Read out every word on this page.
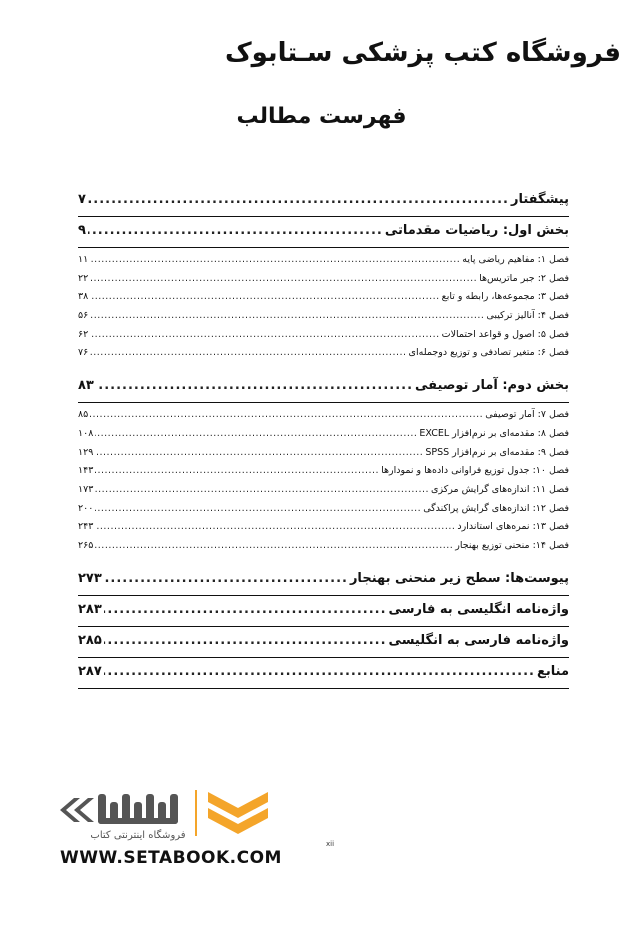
فروشگاه کتب پزشکی سـتابوک
فهرست مطالب
پیشگفتار
.....
۷
بخش اول: ریاضیات مقدماتی
.....
۹
فصل ۱: مفاهیم ریاضی پایه
.....
۱۱
فصل ۲: جبر ماتریس‌ها
.....
۲۲
فصل ۳: مجموعه‌ها، رابطه و تابع
.....
۳۸
فصل ۴: آنالیز ترکیبی
.....
۵۶
فصل ۵: اصول و قواعد احتمالات
.....
۶۲
فصل ۶: متغیر تصادفی و توزیع دوجمله‌ای
.....
۷۶
بخش دوم: آمار توصیفی
.....
۸۳
فصل ۷: آمار توصیفی
.....
۸۵
فصل ۸: مقدمه‌ای بر نرم‌افزار EXCEL
.....
۱۰۸
فصل ۹: مقدمه‌ای بر نرم‌افزار SPSS
.....
۱۲۹
فصل ۱۰: جدول توزیع فراوانی داده‌ها و نمودارها
.....
۱۴۳
فصل ۱۱: اندازه‌های گرایش مرکزی
.....
۱۷۳
فصل ۱۲: اندازه‌های گرایش پراکندگی
.....
۲۰۰
فصل ۱۳: نمره‌های استاندارد
.....
۲۴۳
فصل ۱۴: منحنی توزیع بهنجار
.....
۲۶۵
پیوست‌ها: سطح زیر منحنی بهنجار
.....
۲۷۳
واژه‌نامه انگلیسی به فارسی
.....
۲۸۳
واژه‌نامه فارسی به انگلیسی
.....
۲۸۵
منابع
.....
۲۸۷
فروشگاه اینترنتی کتاب
WWW.SETABOOK.COM
xii
